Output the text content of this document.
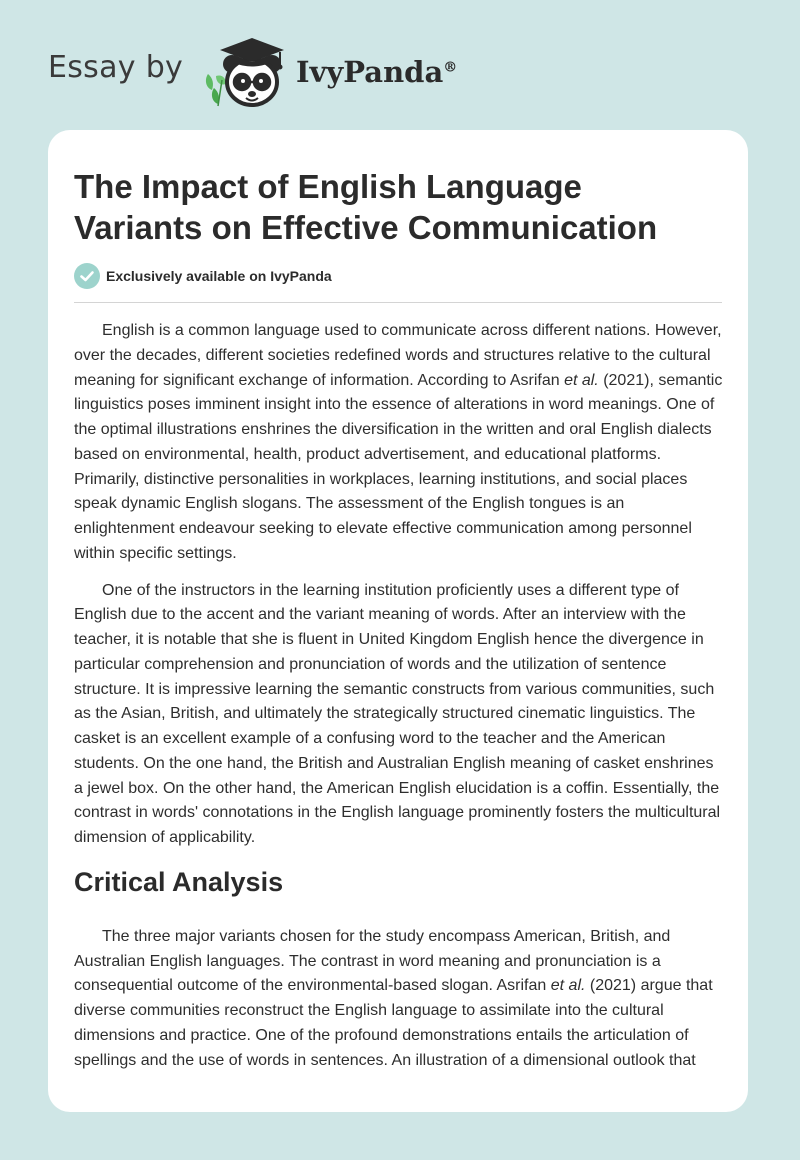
Essay by	IvyPanda®
The Impact of English Language Variants on Effective Communication
Exclusively available on IvyPanda

English is a common language used to communicate across different nations. However, over the decades, different societies redefined words and structures relative to the cultural meaning for significant exchange of information. According to Asrifan et al. (2021), semantic linguistics poses imminent insight into the essence of alterations in word meanings. One of the optimal illustrations enshrines the diversification in the written and oral English dialects based on environmental, health, product advertisement, and educational platforms. Primarily, distinctive personalities in workplaces, learning institutions, and social places speak dynamic English slogans. The assessment of the English tongues is an enlightenment endeavour seeking to elevate effective communication among personnel within specific settings.

One of the instructors in the learning institution proficiently uses a different type of English due to the accent and the variant meaning of words. After an interview with the teacher, it is notable that she is fluent in United Kingdom English hence the divergence in particular comprehension and pronunciation of words and the utilization of sentence structure. It is impressive learning the semantic constructs from various communities, such as the Asian, British, and ultimately the strategically structured cinematic linguistics. The casket is an excellent example of a confusing word to the teacher and the American students. On the one hand, the British and Australian English meaning of casket enshrines a jewel box. On the other hand, the American English elucidation is a coffin. Essentially, the contrast in words' connotations in the English language prominently fosters the multicultural dimension of applicability.

Critical Analysis

The three major variants chosen for the study encompass American, British, and Australian English languages. The contrast in word meaning and pronunciation is a consequential outcome of the environmental-based slogan. Asrifan et al. (2021) argue that diverse communities reconstruct the English language to assimilate into the cultural dimensions and practice. One of the profound demonstrations entails the articulation of spellings and the use of words in sentences. An illustration of a dimensional outlook that
